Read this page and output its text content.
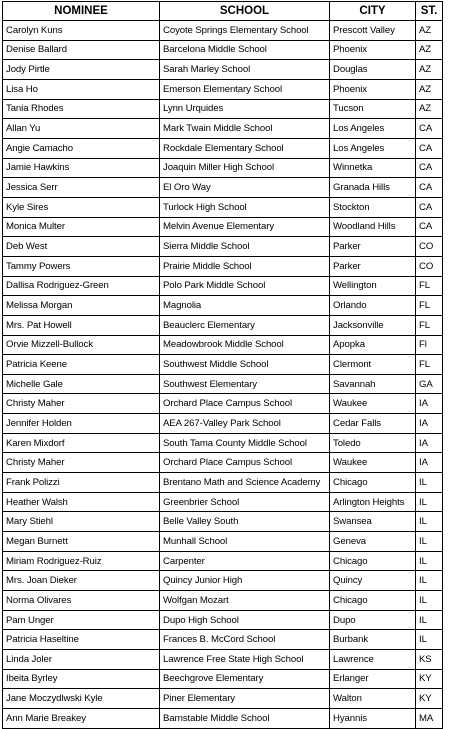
NOMINEE	SCHOOL	CITY	ST.
Carolyn Kuns	Coyote Springs Elementary School	Prescott Valley	AZ
Denise Ballard	Barcelona Middle School	Phoenix	AZ
Jody Pirtle	Sarah Marley School	Douglas	AZ
Lisa Ho	Emerson Elementary School	Phoenix	AZ
Tania Rhodes	Lynn Urquides	Tucson	AZ
Allan Yu	Mark Twain Middle School	Los Angeles	CA
Angie Camacho	Rockdale Elementary School	Los Angeles	CA
Jamie Hawkins	Joaquin Miller High School	Winnetka	CA
Jessica Serr	El Oro Way	Granada Hills	CA
Kyle Sires	Turlock High School	Stockton	CA
Monica Multer	Melvin Avenue Elementary	Woodland Hills	CA
Deb West	Sierra Middle School	Parker	CO
Tammy Powers	Prairie Middle School	Parker	CO
Dallisa Rodriguez-Green	Polo Park Middle School	Wellington	FL
Melissa Morgan	Magnolia	Orlando	FL
Mrs. Pat Howell	Beauclerc Elementary	Jacksonville	FL
Orvie Mizzell-Bullock	Meadowbrook Middle School	Apopka	Fl
Patricia Keene	Southwest Middle School	Clermont	FL
Michelle Gale	Southwest Elementary	Savannah	GA
Christy Maher	Orchard Place Campus School	Waukee	IA
Jennifer Holden	AEA 267-Valley Park School	Cedar Falls	IA
Karen Mixdorf	South Tama County Middle School	Toledo	IA
Christy Maher	Orchard Place Campus School	Waukee	IA
Frank Polizzi	Brentano Math and Science Academy	Chicago	IL
Heather Walsh	Greenbrier School	Arlington Heights	IL
Mary Stiehl	Belle Valley South	Swansea	IL
Megan Burnett	Munhall School	Geneva	IL
Miriam Rodriguez-Ruiz	Carpenter	Chicago	IL
Mrs. Joan Dieker	Quincy Junior High	Quincy	IL
Norma Olivares	Wolfgan Mozart	Chicago	IL
Pam Unger	Dupo High School	Dupo	IL
Patricia Haseltine	Frances B. McCord School	Burbank	IL
Linda Joler	Lawrence Free State High School	Lawrence	KS
Ibeita Byrley	Beechgrove Elementary	Erlanger	KY
Jane Moczydlwski Kyle	Piner Elementary	Walton	KY
Ann Marie Breakey	Barnstable Middle School	Hyannis	MA
